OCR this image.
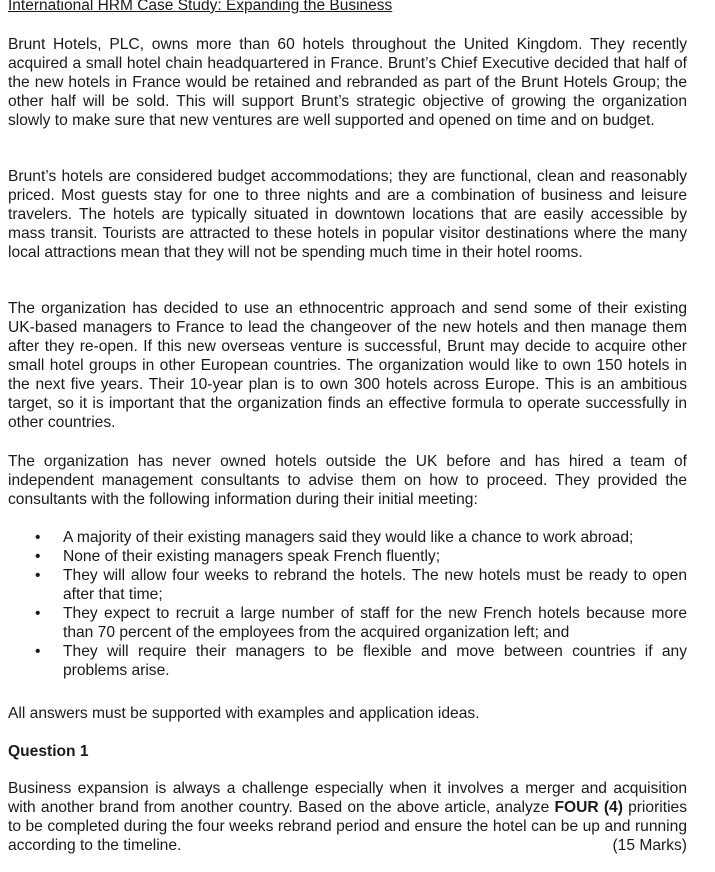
International HRM Case Study: Expanding the Business

Brunt Hotels, PLC, owns more than 60 hotels throughout the United Kingdom. They recently acquired a small hotel chain headquartered in France. Brunt’s Chief Executive decided that half of the new hotels in France would be retained and rebranded as part of the Brunt Hotels Group; the other half will be sold. This will support Brunt’s strategic objective of growing the organization slowly to make sure that new ventures are well supported and opened on time and on budget.

Brunt’s hotels are considered budget accommodations; they are functional, clean and reasonably priced. Most guests stay for one to three nights and are a combination of business and leisure travelers. The hotels are typically situated in downtown locations that are easily accessible by mass transit. Tourists are attracted to these hotels in popular visitor destinations where the many local attractions mean that they will not be spending much time in their hotel rooms.

The organization has decided to use an ethnocentric approach and send some of their existing UK-based managers to France to lead the changeover of the new hotels and then manage them after they re-open. If this new overseas venture is successful, Brunt may decide to acquire other small hotel groups in other European countries. The organization would like to own 150 hotels in the next five years. Their 10-year plan is to own 300 hotels across Europe. This is an ambitious target, so it is important that the organization finds an effective formula to operate successfully in other countries.

The organization has never owned hotels outside the UK before and has hired a team of independent management consultants to advise them on how to proceed. They provided the consultants with the following information during their initial meeting:

• A majority of their existing managers said they would like a chance to work abroad;
• None of their existing managers speak French fluently;
• They will allow four weeks to rebrand the hotels. The new hotels must be ready to open after that time;
• They expect to recruit a large number of staff for the new French hotels because more than 70 percent of the employees from the acquired organization left; and
• They will require their managers to be flexible and move between countries if any problems arise.

All answers must be supported with examples and application ideas.

Question 1

Business expansion is always a challenge especially when it involves a merger and acquisition with another brand from another country. Based on the above article, analyze FOUR (4) priorities to be completed during the four weeks rebrand period and ensure the hotel can be up and running according to the timeline.	(15 Marks)
